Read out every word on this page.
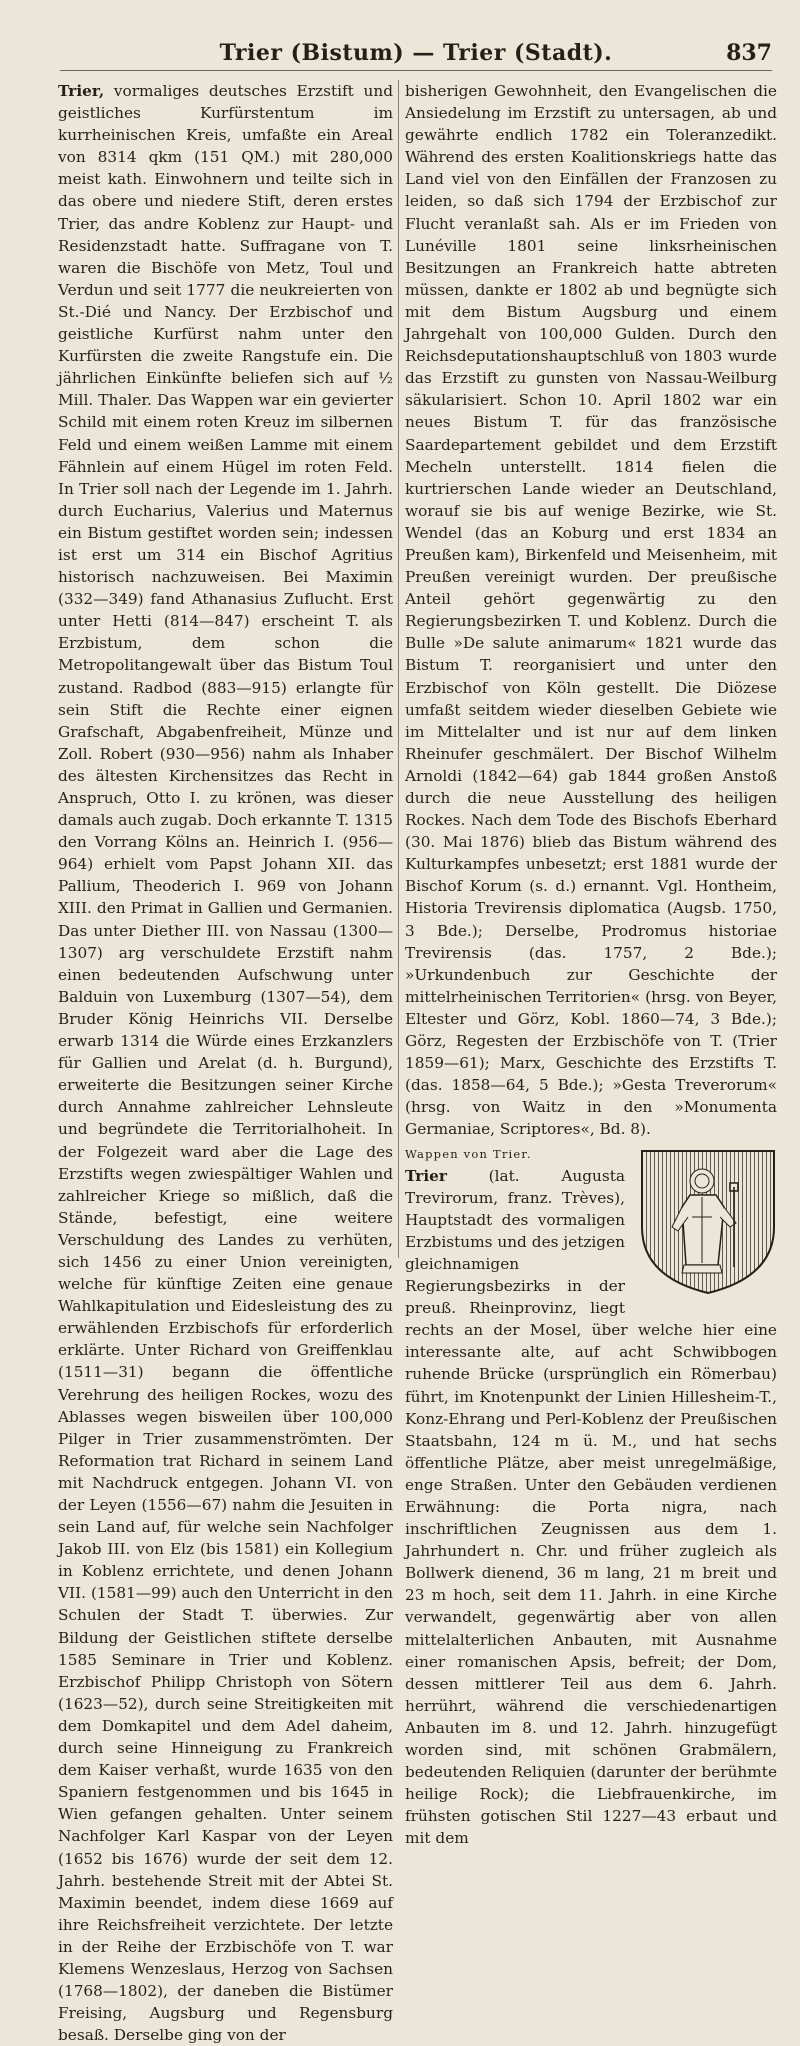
Trier (Bistum) — Trier (Stadt).	837

Trier, vormaliges deutsches Erzstift und geistliches Kurfürstentum im kurrheinischen Kreis, umfaßte ein Areal von 8314 qkm (151 QM.) mit 280,000 meist kath. Einwohnern und teilte sich in das obere und niedere Stift, deren erstes Trier, das andre Koblenz zur Haupt- und Residenzstadt hatte. Suffragane von T. waren die Bischöfe von Metz, Toul und Verdun und seit 1777 die neukreierten von St.-Dié und Nancy. Der Erzbischof und geistliche Kurfürst nahm unter den Kurfürsten die zweite Rangstufe ein. Die jährlichen Einkünfte beliefen sich auf ½ Mill. Thaler. Das Wappen war ein gevierter Schild mit einem roten Kreuz im silbernen Feld und einem weißen Lamme mit einem Fähnlein auf einem Hügel im roten Feld. In Trier soll nach der Legende im 1. Jahrh. durch Eucharius, Valerius und Maternus ein Bistum gestiftet worden sein; indessen ist erst um 314 ein Bischof Agritius historisch nachzuweisen. Bei Maximin (332—349) fand Athanasius Zuflucht. Erst unter Hetti (814—847) erscheint T. als Erzbistum, dem schon die Metropolitangewalt über das Bistum Toul zustand. Radbod (883—915) erlangte für sein Stift die Rechte einer eignen Grafschaft, Abgabenfreiheit, Münze und Zoll. Robert (930—956) nahm als Inhaber des ältesten Kirchensitzes das Recht in Anspruch, Otto I. zu krönen, was dieser damals auch zugab. Doch erkannte T. 1315 den Vorrang Kölns an. Heinrich I. (956—964) erhielt vom Papst Johann XII. das Pallium, Theoderich I. 969 von Johann XIII. den Primat in Gallien und Germanien. Das unter Diether III. von Nassau (1300—1307) arg verschuldete Erzstift nahm einen bedeutenden Aufschwung unter Balduin von Luxemburg (1307—54), dem Bruder König Heinrichs VII. Derselbe erwarb 1314 die Würde eines Erzkanzlers für Gallien und Arelat (d. h. Burgund), erweiterte die Besitzungen seiner Kirche durch Annahme zahlreicher Lehnsleute und begründete die Territorialhoheit. In der Folgezeit ward aber die Lage des Erzstifts wegen zwiespältiger Wahlen und zahlreicher Kriege so mißlich, daß die Stände, befestigt, eine weitere Verschuldung des Landes zu verhüten, sich 1456 zu einer Union vereinigten, welche für künftige Zeiten eine genaue Wahlkapitulation und Eidesleistung des zu erwählenden Erzbischofs für erforderlich erklärte. Unter Richard von Greiffenklau (1511—31) begann die öffentliche Verehrung des heiligen Rockes, wozu des Ablasses wegen bisweilen über 100,000 Pilger in Trier zusammenströmten. Der Reformation trat Richard in seinem Land mit Nachdruck entgegen. Johann VI. von der Leyen (1556—67) nahm die Jesuiten in sein Land auf, für welche sein Nachfolger Jakob III. von Elz (bis 1581) ein Kollegium in Koblenz errichtete, und denen Johann VII. (1581—99) auch den Unterricht in den Schulen der Stadt T. überwies. Zur Bildung der Geistlichen stiftete derselbe 1585 Seminare in Trier und Koblenz. Erzbischof Philipp Christoph von Sötern (1623—52), durch seine Streitigkeiten mit dem Domkapitel und dem Adel daheim, durch seine Hinneigung zu Frankreich dem Kaiser verhaßt, wurde 1635 von den Spaniern festgenommen und bis 1645 in Wien gefangen gehalten. Unter seinem Nachfolger Karl Kaspar von der Leyen (1652 bis 1676) wurde der seit dem 12. Jahrh. bestehende Streit mit der Abtei St. Maximin beendet, indem diese 1669 auf ihre Reichsfreiheit verzichtete. Der letzte in der Reihe der Erzbischöfe von T. war Klemens Wenzeslaus, Herzog von Sachsen (1768—1802), der daneben die Bistümer Freising, Augsburg und Regensburg besaß. Derselbe ging von der

bisherigen Gewohnheit, den Evangelischen die Ansiedelung im Erzstift zu untersagen, ab und gewährte endlich 1782 ein Toleranzedikt. Während des ersten Koalitionskriegs hatte das Land viel von den Einfällen der Franzosen zu leiden, so daß sich 1794 der Erzbischof zur Flucht veranlaßt sah. Als er im Frieden von Lunéville 1801 seine linksrheinischen Besitzungen an Frankreich hatte abtreten müssen, dankte er 1802 ab und begnügte sich mit dem Bistum Augsburg und einem Jahrgehalt von 100,000 Gulden. Durch den Reichsdeputationshauptschluß von 1803 wurde das Erzstift zu gunsten von Nassau-Weilburg säkularisiert. Schon 10. April 1802 war ein neues Bistum T. für das französische Saardepartement gebildet und dem Erzstift Mecheln unterstellt. 1814 fielen die kurtrierschen Lande wieder an Deutschland, worauf sie bis auf wenige Bezirke, wie St. Wendel (das an Koburg und erst 1834 an Preußen kam), Birkenfeld und Meisenheim, mit Preußen vereinigt wurden. Der preußische Anteil gehört gegenwärtig zu den Regierungsbezirken T. und Koblenz. Durch die Bulle »De salute animarum« 1821 wurde das Bistum T. reorganisiert und unter den Erzbischof von Köln gestellt. Die Diözese umfaßt seitdem wieder dieselben Gebiete wie im Mittelalter und ist nur auf dem linken Rheinufer geschmälert. Der Bischof Wilhelm Arnoldi (1842—64) gab 1844 großen Anstoß durch die neue Ausstellung des heiligen Rockes. Nach dem Tode des Bischofs Eberhard (30. Mai 1876) blieb das Bistum während des Kulturkampfes unbesetzt; erst 1881 wurde der Bischof Korum (s. d.) ernannt. Vgl. Hontheim, Historia Trevirensis diplomatica (Augsb. 1750, 3 Bde.); Derselbe, Prodromus historiae Trevirensis (das. 1757, 2 Bde.); »Urkundenbuch zur Geschichte der mittelrheinischen Territorien« (hrsg. von Beyer, Eltester und Görz, Kobl. 1860—74, 3 Bde.); Görz, Regesten der Erzbischöfe von T. (Trier 1859—61); Marx, Geschichte des Erzstifts T. (das. 1858—64, 5 Bde.); »Gesta Treverorum« (hrsg. von Waitz in den »Monumenta Germaniae, Scriptores«, Bd. 8).

Wappen von Trier.
Trier (lat. Augusta Trevirorum, franz. Trèves), Hauptstadt des vormaligen Erzbistums und des jetzigen gleichnamigen Regierungsbezirks in der preuß. Rheinprovinz, liegt rechts an der Mosel, über welche hier eine interessante alte, auf acht Schwibbogen ruhende Brücke (ursprünglich ein Römerbau) führt, im Knotenpunkt der Linien Hillesheim-T., Konz-Ehrang und Perl-Koblenz der Preußischen Staatsbahn, 124 m ü. M., und hat sechs öffentliche Plätze, aber meist unregelmäßige, enge Straßen. Unter den Gebäuden verdienen Erwähnung: die Porta nigra, nach inschriftlichen Zeugnissen aus dem 1. Jahrhundert n. Chr. und früher zugleich als Bollwerk dienend, 36 m lang, 21 m breit und 23 m hoch, seit dem 11. Jahrh. in eine Kirche verwandelt, gegenwärtig aber von allen mittelalterlichen Anbauten, mit Ausnahme einer romanischen Apsis, befreit; der Dom, dessen mittlerer Teil aus dem 6. Jahrh. herrührt, während die verschiedenartigen Anbauten im 8. und 12. Jahrh. hinzugefügt worden sind, mit schönen Grabmälern, bedeutenden Reliquien (darunter der berühmte heilige Rock); die Liebfrauenkirche, im frühsten gotischen Stil 1227—43 erbaut und mit dem
